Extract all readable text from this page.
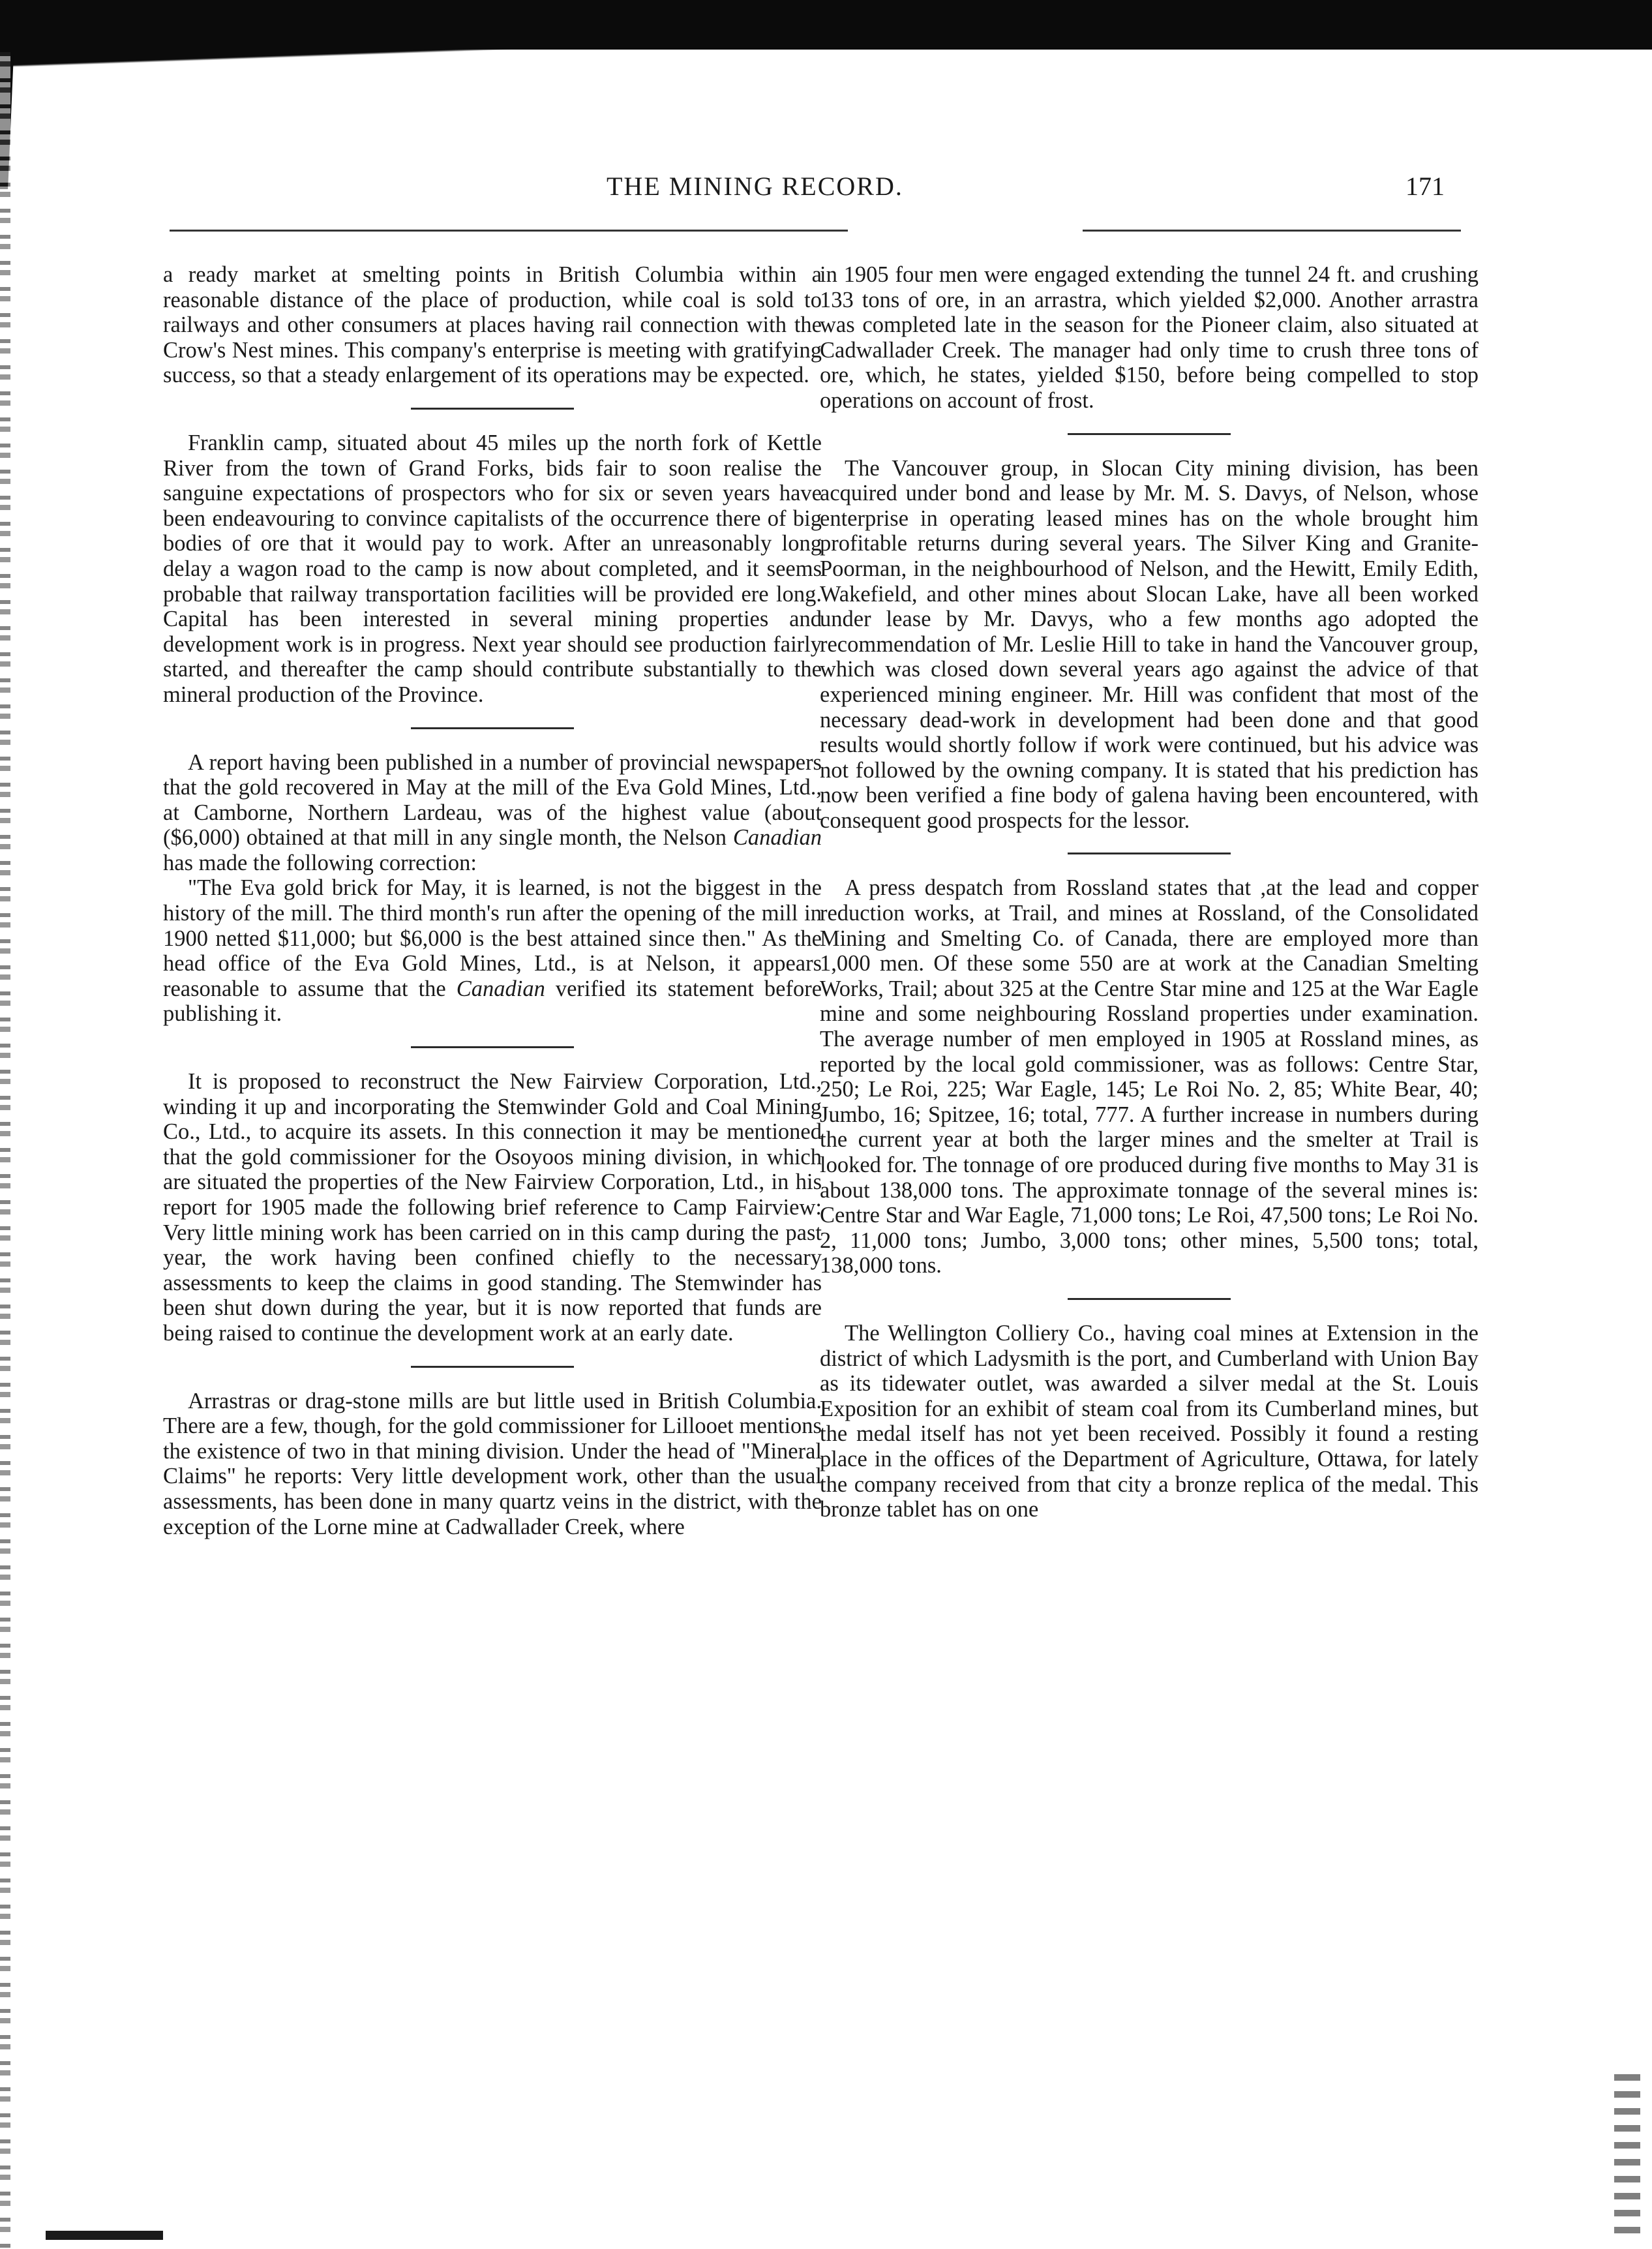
THE MINING RECORD.	171

a ready market at smelting points in British Columbia within a reasonable distance of the place of production, while coal is sold to railways and other consumers at places having rail connection with the Crow's Nest mines. This company's enterprise is meeting with gratifying success, so that a steady enlargement of its operations may be expected.

Franklin camp, situated about 45 miles up the north fork of Kettle River from the town of Grand Forks, bids fair to soon realise the sanguine expectations of prospectors who for six or seven years have been endeavouring to convince capitalists of the occurrence there of big bodies of ore that it would pay to work. After an unreasonably long delay a wagon road to the camp is now about completed, and it seems probable that railway transportation facilities will be provided ere long. Capital has been interested in several mining properties and development work is in progress. Next year should see production fairly started, and thereafter the camp should contribute substantially to the mineral production of the Province.

A report having been published in a number of provincial newspapers that the gold recovered in May at the mill of the Eva Gold Mines, Ltd., at Camborne, Northern Lardeau, was of the highest value (about ($6,000) obtained at that mill in any single month, the Nelson Canadian has made the following correction:

"The Eva gold brick for May, it is learned, is not the biggest in the history of the mill. The third month's run after the opening of the mill in 1900 netted $11,000; but $6,000 is the best attained since then." As the head office of the Eva Gold Mines, Ltd., is at Nelson, it appears reasonable to assume that the Canadian verified its statement before publishing it.

It is proposed to reconstruct the New Fairview Corporation, Ltd., winding it up and incorporating the Stemwinder Gold and Coal Mining Co., Ltd., to acquire its assets. In this connection it may be mentioned that the gold commissioner for the Osoyoos mining division, in which are situated the properties of the New Fairview Corporation, Ltd., in his report for 1905 made the following brief reference to Camp Fairview: Very little mining work has been carried on in this camp during the past year, the work having been confined chiefly to the necessary assessments to keep the claims in good standing. The Stemwinder has been shut down during the year, but it is now reported that funds are being raised to continue the development work at an early date.

Arrastras or drag-stone mills are but little used in British Columbia. There are a few, though, for the gold commissioner for Lillooet mentions the existence of two in that mining division. Under the head of "Mineral Claims" he reports: Very little development work, other than the usual assessments, has been done in many quartz veins in the district, with the exception of the Lorne mine at Cadwallader Creek, where

in 1905 four men were engaged extending the tunnel 24 ft. and crushing 133 tons of ore, in an arrastra, which yielded $2,000. Another arrastra was completed late in the season for the Pioneer claim, also situated at Cadwallader Creek. The manager had only time to crush three tons of ore, which, he states, yielded $150, before being compelled to stop operations on account of frost.

The Vancouver group, in Slocan City mining division, has been acquired under bond and lease by Mr. M. S. Davys, of Nelson, whose enterprise in operating leased mines has on the whole brought him profitable returns during several years. The Silver King and Granite-Poorman, in the neighbourhood of Nelson, and the Hewitt, Emily Edith, Wakefield, and other mines about Slocan Lake, have all been worked under lease by Mr. Davys, who a few months ago adopted the recommendation of Mr. Leslie Hill to take in hand the Vancouver group, which was closed down several years ago against the advice of that experienced mining engineer. Mr. Hill was confident that most of the necessary dead-work in development had been done and that good results would shortly follow if work were continued, but his advice was not followed by the owning company. It is stated that his prediction has now been verified a fine body of galena having been encountered, with consequent good prospects for the lessor.

A press despatch from Rossland states that ,at the lead and copper reduction works, at Trail, and mines at Rossland, of the Consolidated Mining and Smelting Co. of Canada, there are employed more than 1,000 men. Of these some 550 are at work at the Canadian Smelting Works, Trail; about 325 at the Centre Star mine and 125 at the War Eagle mine and some neighbouring Rossland properties under examination. The average number of men employed in 1905 at Rossland mines, as reported by the local gold commissioner, was as follows: Centre Star, 250; Le Roi, 225; War Eagle, 145; Le Roi No. 2, 85; White Bear, 40; Jumbo, 16; Spitzee, 16; total, 777. A further increase in numbers during the current year at both the larger mines and the smelter at Trail is looked for. The tonnage of ore produced during five months to May 31 is about 138,000 tons. The approximate tonnage of the several mines is: Centre Star and War Eagle, 71,000 tons; Le Roi, 47,500 tons; Le Roi No. 2, 11,000 tons; Jumbo, 3,000 tons; other mines, 5,500 tons; total, 138,000 tons.

The Wellington Colliery Co., having coal mines at Extension in the district of which Ladysmith is the port, and Cumberland with Union Bay as its tidewater outlet, was awarded a silver medal at the St. Louis Exposition for an exhibit of steam coal from its Cumberland mines, but the medal itself has not yet been received. Possibly it found a resting place in the offices of the Department of Agriculture, Ottawa, for lately the company received from that city a bronze replica of the medal. This bronze tablet has on one
